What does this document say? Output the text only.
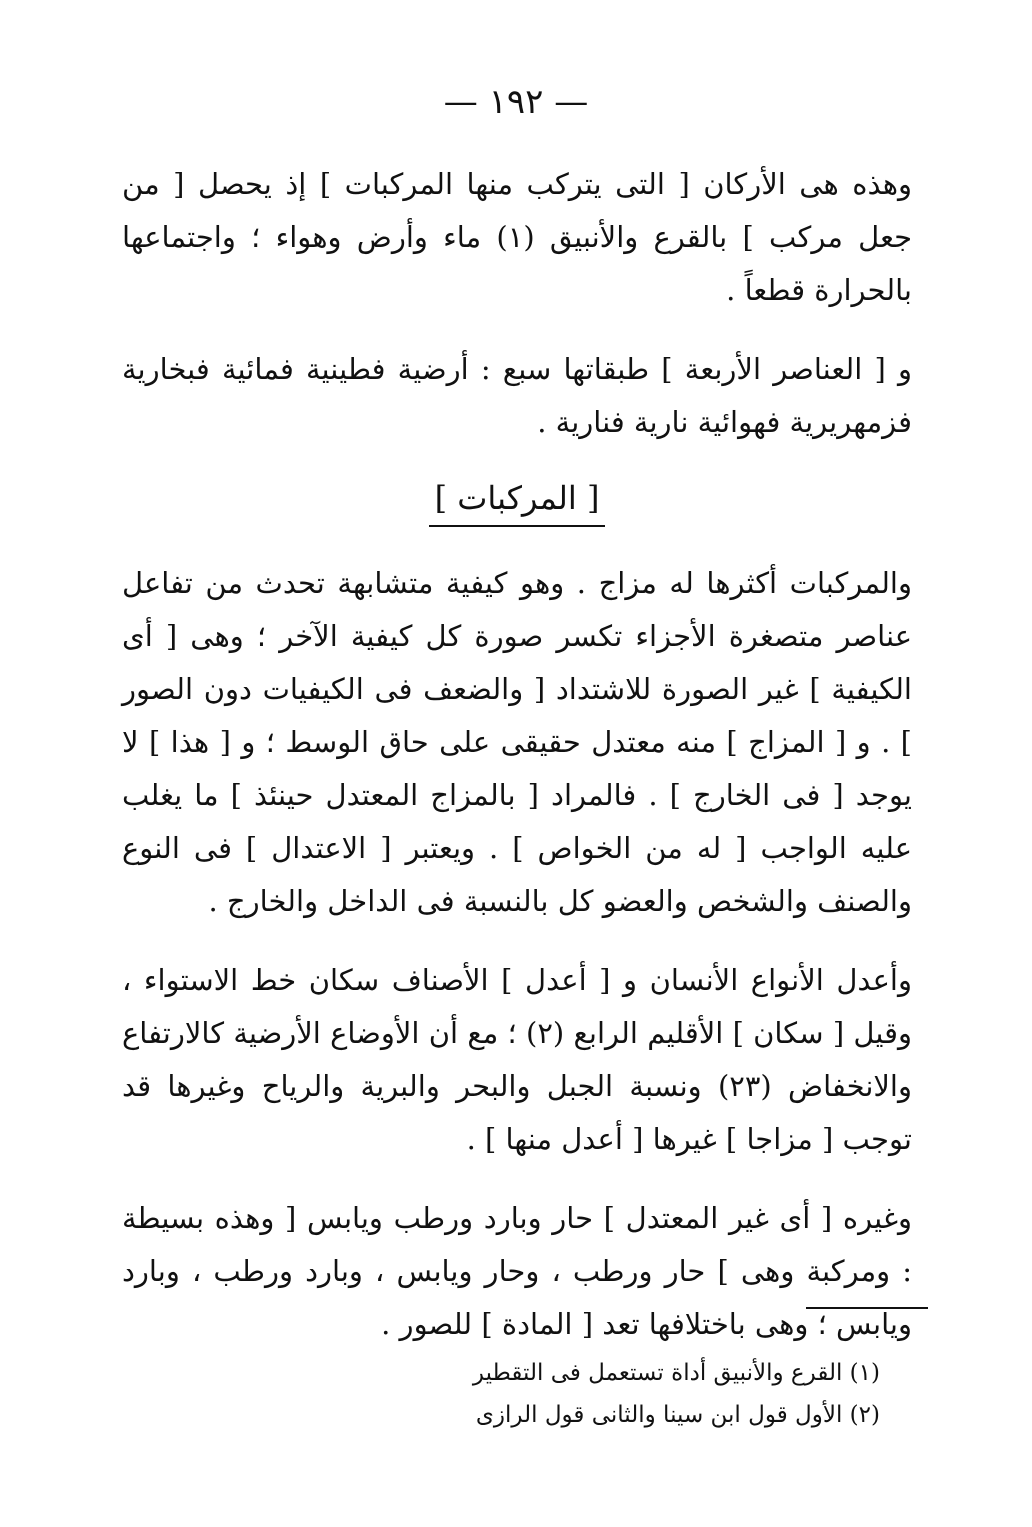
— ١٩٢ —

وهذه هى الأركان [ التى يتركب منها المركبات ] إذ يحصل [ من جعل مركب ] بالقرع والأنبيق (١) ماء وأرض وهواء ؛ واجتماعها بالحرارة قطعاً .

و [ العناصر الأربعة ] طبقاتها سبع : أرضية فطينية فمائية فبخارية فزمهريرية فهوائية نارية فنارية .

[ المركبات ]

والمركبات أكثرها له مزاج . وهو كيفية متشابهة تحدث من تفاعل عناصر متصغرة الأجزاء تكسر صورة كل كيفية الآخر ؛ وهى [ أى الكيفية ] غير الصورة للاشتداد [ والضعف فى الكيفيات دون الصور ] . و [ المزاج ] منه معتدل حقيقى على حاق الوسط ؛ و [ هذا ] لا يوجد [ فى الخارج ] . فالمراد [ بالمزاج المعتدل حينئذ ] ما يغلب عليه الواجب [ له من الخواص ] . ويعتبر [ الاعتدال ] فى النوع والصنف والشخص والعضو كل بالنسبة فى الداخل والخارج .

وأعدل الأنواع الأنسان و [ أعدل ] الأصناف سكان خط الاستواء ، وقيل [ سكان ] الأقليم الرابع (٢) ؛ مع أن الأوضاع الأرضية كالارتفاع والانخفاض (٢٣) ونسبة الجبل والبحر والبرية والرياح وغيرها قد توجب [ مزاجا ] غيرها [ أعدل منها ] .

وغيره [ أى غير المعتدل ] حار وبارد ورطب ويابس [ وهذه بسيطة : ومركبة وهى ] حار ورطب ، وحار ويابس ، وبارد ورطب ، وبارد ويابس ؛ وهى باختلافها تعد [ المادة ] للصور .

(١) القرع والأنبيق أداة تستعمل فى التقطير
(٢) الأول قول ابن سينا والثانى قول الرازى
